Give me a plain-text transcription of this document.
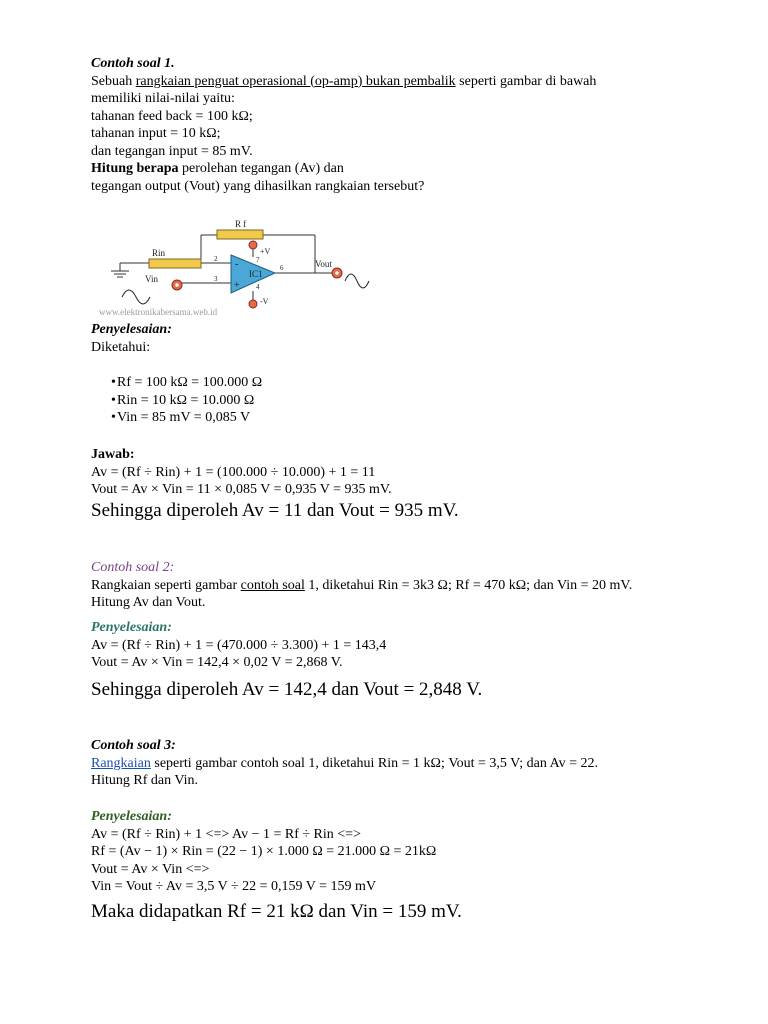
Contoh soal 1.
Sebuah rangkaian penguat operasional (op-amp) bukan pembalik seperti gambar di bawah
memiliki nilai-nilai yaitu:
tahanan feed back = 100 kΩ;
tahanan input = 10 kΩ;
dan tegangan input = 85 mV.
Hitung berapa perolehan tegangan (Av) dan
tegangan output (Vout) yang dihasilkan rangkaian tersebut?
R f
Rin
Vin
Vout
IC1
+V
-V
2
3
4
6
7
-
+
www.elektronikabersama.web.id
Penyelesaian:
Diketahui:
• Rf = 100 kΩ = 100.000 Ω
• Rin = 10 kΩ = 10.000 Ω
• Vin = 85 mV = 0,085 V
Jawab:
Av = (Rf ÷ Rin) + 1 = (100.000 ÷ 10.000) + 1 = 11
Vout = Av × Vin = 11 × 0,085 V = 0,935 V = 935 mV.
Sehingga diperoleh Av = 11 dan Vout = 935 mV.
Contoh soal 2:
Rangkaian seperti gambar contoh soal 1, diketahui Rin = 3k3 Ω; Rf = 470 kΩ; dan Vin = 20 mV.
Hitung Av dan Vout.
Penyelesaian:
Av = (Rf ÷ Rin) + 1 = (470.000 ÷ 3.300) + 1 = 143,4
Vout = Av × Vin = 142,4 × 0,02 V = 2,868 V.
Sehingga diperoleh Av = 142,4 dan Vout = 2,848 V.
Contoh soal 3:
Rangkaian seperti gambar contoh soal 1, diketahui Rin = 1 kΩ; Vout = 3,5 V; dan Av = 22.
Hitung Rf dan Vin.
Penyelesaian:
Av = (Rf ÷ Rin) + 1 <=> Av − 1 = Rf ÷ Rin <=>
Rf = (Av − 1) × Rin = (22 − 1) × 1.000 Ω = 21.000 Ω = 21kΩ
Vout = Av × Vin <=>
Vin = Vout ÷ Av = 3,5 V ÷ 22 = 0,159 V = 159 mV
Maka didapatkan Rf = 21 kΩ dan Vin = 159 mV.
